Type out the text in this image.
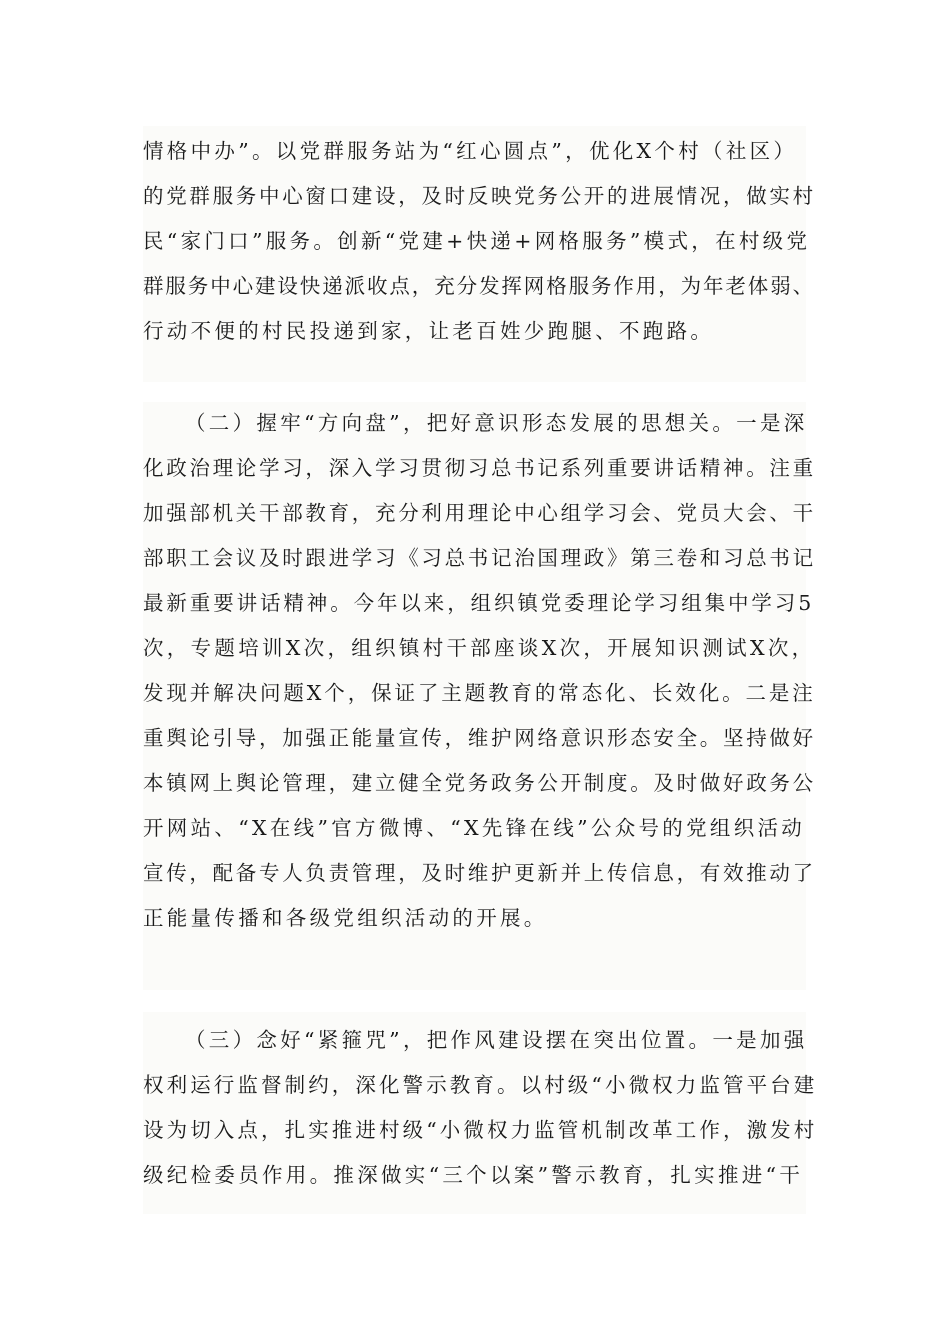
情格中办”。以党群服务站为“红心圆点”，优化X个村（社区）
的党群服务中心窗口建设，及时反映党务公开的进展情况，做实村
民“家门口”服务。创新“党建+快递+网格服务”模式，在村级党
群服务中心建设快递派收点，充分发挥网格服务作用，为年老体弱、
行动不便的村民投递到家，让老百姓少跑腿、不跑路。
（二）握牢“方向盘”，把好意识形态发展的思想关。一是深
化政治理论学习，深入学习贯彻习总书记系列重要讲话精神。注重
加强部机关干部教育，充分利用理论中心组学习会、党员大会、干
部职工会议及时跟进学习《习总书记治国理政》第三卷和习总书记
最新重要讲话精神。今年以来，组织镇党委理论学习组集中学习5
次，专题培训X次，组织镇村干部座谈X次，开展知识测试X次，
发现并解决问题X个，保证了主题教育的常态化、长效化。二是注
重舆论引导，加强正能量宣传，维护网络意识形态安全。坚持做好
本镇网上舆论管理，建立健全党务政务公开制度。及时做好政务公
开网站、“X在线”官方微博、“X先锋在线”公众号的党组织活动
宣传，配备专人负责管理，及时维护更新并上传信息，有效推动了
正能量传播和各级党组织活动的开展。
（三）念好“紧箍咒”，把作风建设摆在突出位置。一是加强
权利运行监督制约，深化警示教育。以村级“小微权力监管平台建
设为切入点，扎实推进村级“小微权力监管机制改革工作，激发村
级纪检委员作用。推深做实“三个以案”警示教育，扎实推进“干
